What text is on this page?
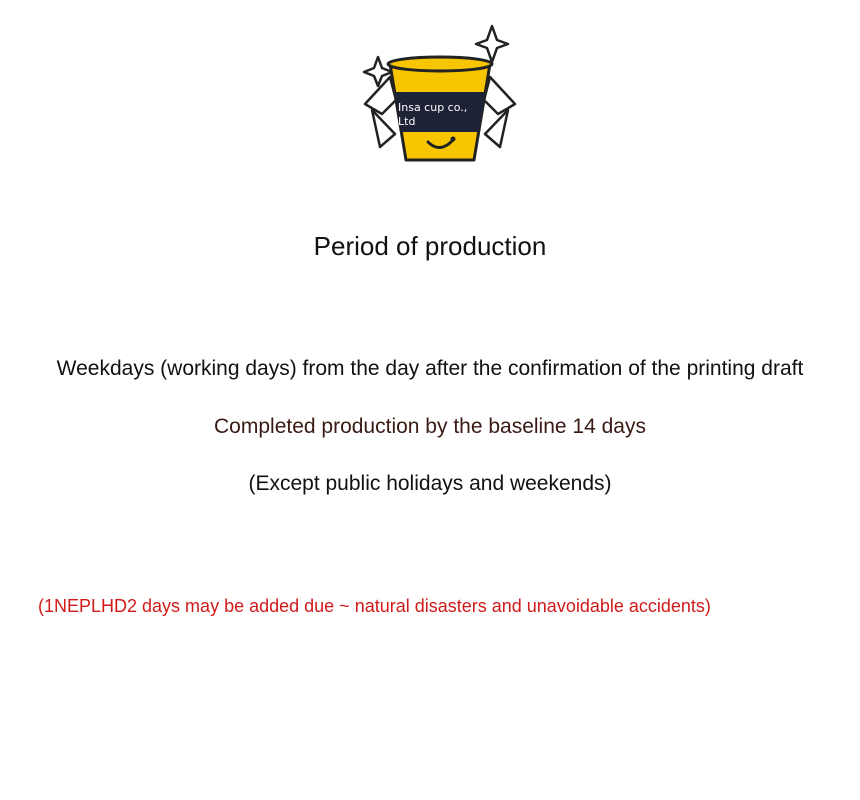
Insa cup co.,
Ltd
Period of production
Weekdays (working days) from the day after the confirmation of the printing draft
Completed production by the baseline 14 days
(Except public holidays and weekends)
(1NEPLHD2 days may be added due ~ natural disasters and unavoidable accidents)
